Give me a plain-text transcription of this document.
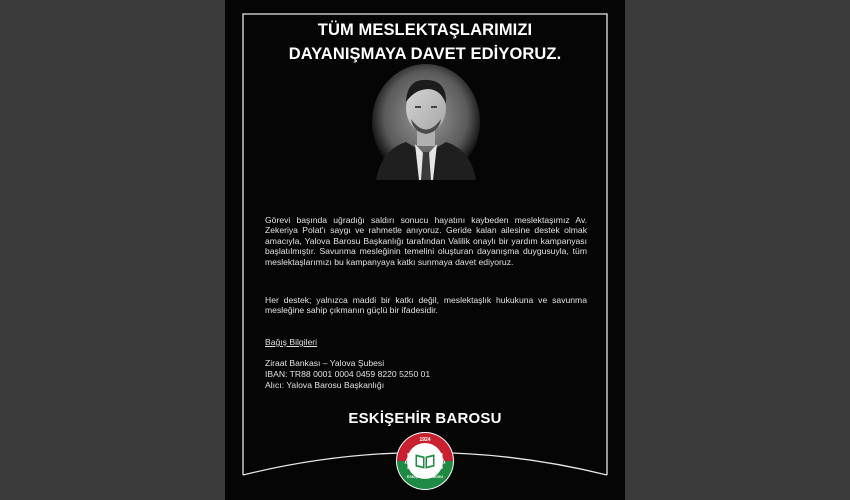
TÜM MESLEKTAŞLARIMIZI
DAYANIŞMAYA DAVET EDİYORUZ.
Görevi başında uğradığı saldırı sonucu hayatını kaybeden meslektaşımız Av. Zekeriya Polat'ı saygı ve rahmetle anıyoruz. Geride kalan ailesine destek olmak amacıyla, Yalova Barosu Başkanlığı tarafından Valilik onaylı bir yardım kampanyası başlatılmıştır. Savunma mesleğinin temelini oluşturan dayanışma duygusuyla, tüm meslektaşlarımızı bu kampanyaya katkı sunmaya davet ediyoruz.
Her destek; yalnızca maddi bir katkı değil, meslektaşlık hukukuna ve savunma mesleğine sahip çıkmanın güçlü bir ifadesidir.
Bağış Bilgileri
Ziraat Bankası – Yalova Şubesi
IBAN: TR88 0001 0004 0459 8220 5250 01
Alıcı: Yalova Barosu Başkanlığı
ESKİŞEHİR BAROSU
1924
ESKİŞEHİR BAROSU
